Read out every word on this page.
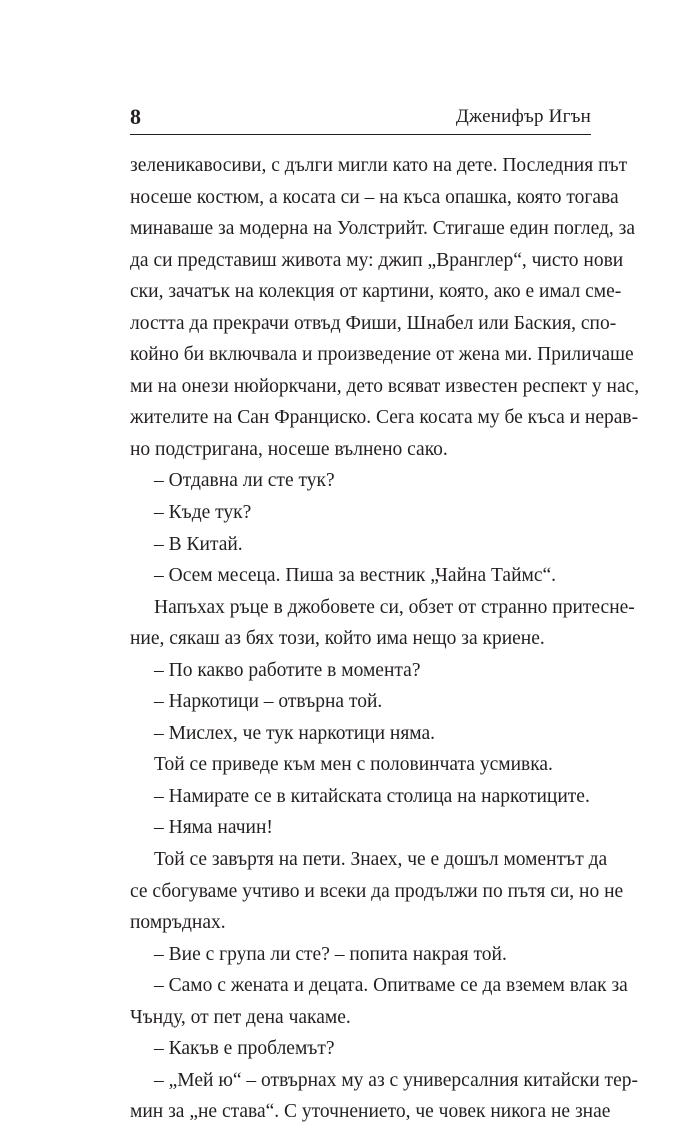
8	Дженифър Игън
зеленикавосиви, с дълги мигли като на дете. Последния път
носеше костюм, а косата си – на къса опашка, която тогава
минаваше за модерна на Уолстрийт. Стигаше един поглед, за
да си представиш живота му: джип „Вранглер“, чисто нови
ски, зачатък на колекция от картини, която, ако е имал сме-
лостта да прекрачи отвъд Фиши, Шнабел или Баския, спо-
койно би включвала и произведение от жена ми. Приличаше
ми на онези нюйоркчани, дето всяват известен респект у нас,
жителите на Сан Франциско. Сега косата му бе къса и нерав-
но подстригана, носеше вълнено сако.
– Отдавна ли сте тук?
– Къде тук?
– В Китай.
– Осем месеца. Пиша за вестник „Чайна Таймс“.
Напъхах ръце в джобовете си, обзет от странно притесне-
ние, сякаш аз бях този, който има нещо за криене.
– По какво работите в момента?
– Наркотици – отвърна той.
– Мислех, че тук наркотици няма.
Той се приведе към мен с половинчата усмивка.
– Намирате се в китайската столица на наркотиците.
– Няма начин!
Той се завъртя на пети. Знаех, че е дошъл моментът да
се сбогуваме учтиво и всеки да продължи по пътя си, но не
помръднах.
– Вие с група ли сте? – попита накрая той.
– Само с жената и децата. Опитваме се да вземем влак за
Чънду, от пет дена чакаме.
– Какъв е проблемът?
– „Мей ю“ – отвърнах му аз с универсалния китайски тер-
мин за „не става“. С уточнението, че човек никога не знае
